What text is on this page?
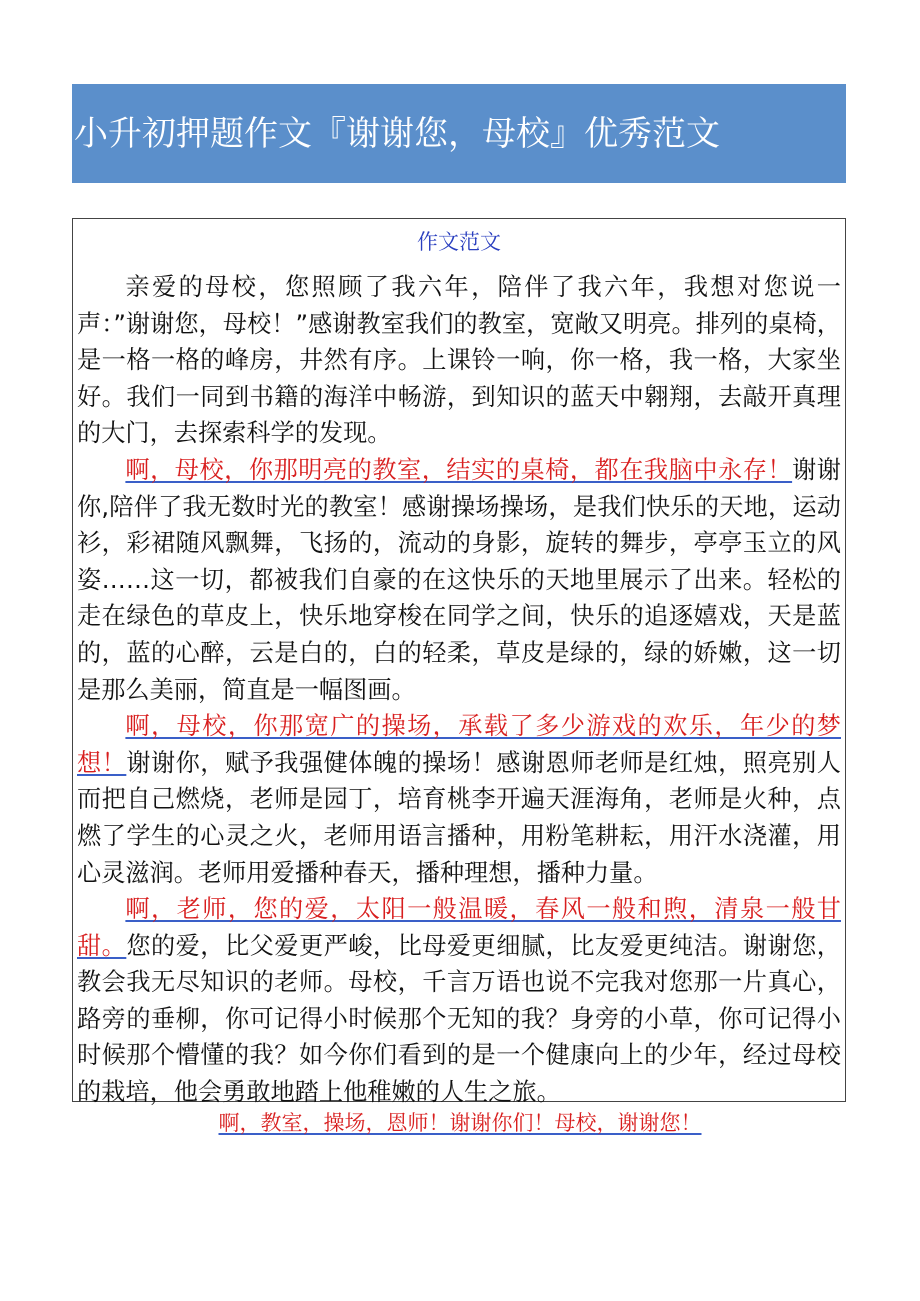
小升初押题作文『谢谢您，母校』优秀范文
作文范文

亲爱的母校，您照顾了我六年，陪伴了我六年，我想对您说一声：”谢谢您，母校！”感谢教室我们的教室，宽敞又明亮。排列的桌椅，是一格一格的峰房，井然有序。上课铃一响，你一格，我一格，大家坐好。我们一同到书籍的海洋中畅游，到知识的蓝天中翱翔，去敲开真理的大门，去探索科学的发现。

啊，母校，你那明亮的教室，结实的桌椅，都在我脑中永存！谢谢你,陪伴了我无数时光的教室！感谢操场操场，是我们快乐的天地，运动衫，彩裙随风飘舞，飞扬的，流动的身影，旋转的舞步，亭亭玉立的风姿……这一切，都被我们自豪的在这快乐的天地里展示了出来。轻松的走在绿色的草皮上，快乐地穿梭在同学之间，快乐的追逐嬉戏，天是蓝的，蓝的心醉，云是白的，白的轻柔，草皮是绿的，绿的娇嫩，这一切是那么美丽，简直是一幅图画。

啊，母校，你那宽广的操场，承载了多少游戏的欢乐，年少的梦想！谢谢你，赋予我强健体魄的操场！感谢恩师老师是红烛，照亮别人而把自己燃烧，老师是园丁，培育桃李开遍天涯海角，老师是火种，点燃了学生的心灵之火，老师用语言播种，用粉笔耕耘，用汗水浇灌，用心灵滋润。老师用爱播种春天，播种理想，播种力量。

啊，老师，您的爱，太阳一般温暖，春风一般和煦，清泉一般甘甜。您的爱，比父爱更严峻，比母爱更细腻，比友爱更纯洁。谢谢您，教会我无尽知识的老师。母校，千言万语也说不完我对您那一片真心，路旁的垂柳，你可记得小时候那个无知的我？身旁的小草，你可记得小时候那个懵懂的我？如今你们看到的是一个健康向上的少年，经过母校的栽培，他会勇敢地踏上他稚嫩的人生之旅。

啊，教室，操场，恩师！谢谢你们！母校，谢谢您！
